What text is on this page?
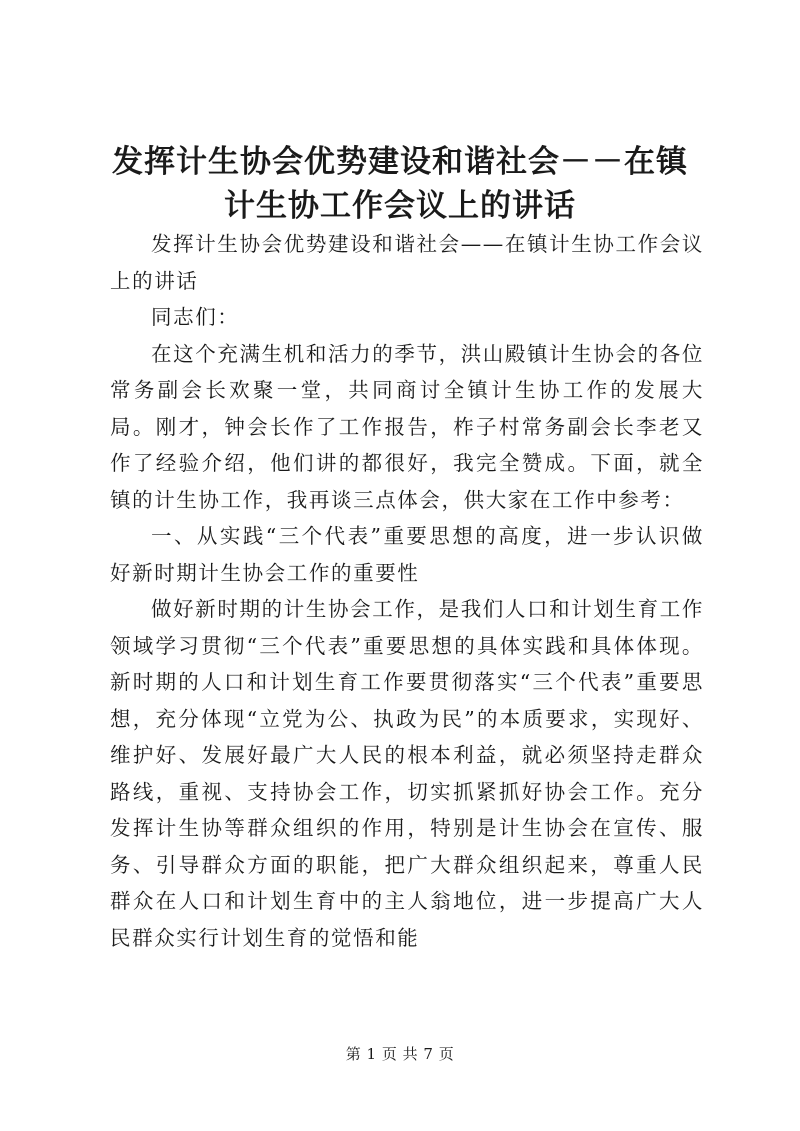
发挥计生协会优势建设和谐社会－－在镇计生协工作会议上的讲话

发挥计生协会优势建设和谐社会——在镇计生协工作会议上的讲话

同志们：

在这个充满生机和活力的季节，洪山殿镇计生协会的各位常务副会长欢聚一堂，共同商讨全镇计生协工作的发展大局。刚才，钟会长作了工作报告，柞子村常务副会长李老又作了经验介绍，他们讲的都很好，我完全赞成。下面，就全镇的计生协工作，我再谈三点体会，供大家在工作中参考：

一、从实践“三个代表”重要思想的高度，进一步认识做好新时期计生协会工作的重要性

做好新时期的计生协会工作，是我们人口和计划生育工作领域学习贯彻“三个代表”重要思想的具体实践和具体体现。新时期的人口和计划生育工作要贯彻落实“三个代表”重要思想，充分体现“立党为公、执政为民”的本质要求，实现好、维护好、发展好最广大人民的根本利益，就必须坚持走群众路线，重视、支持协会工作，切实抓紧抓好协会工作。充分发挥计生协等群众组织的作用，特别是计生协会在宣传、服务、引导群众方面的职能，把广大群众组织起来，尊重人民群众在人口和计划生育中的主人翁地位，进一步提高广大人民群众实行计划生育的觉悟和能

第 1 页 共 7 页
